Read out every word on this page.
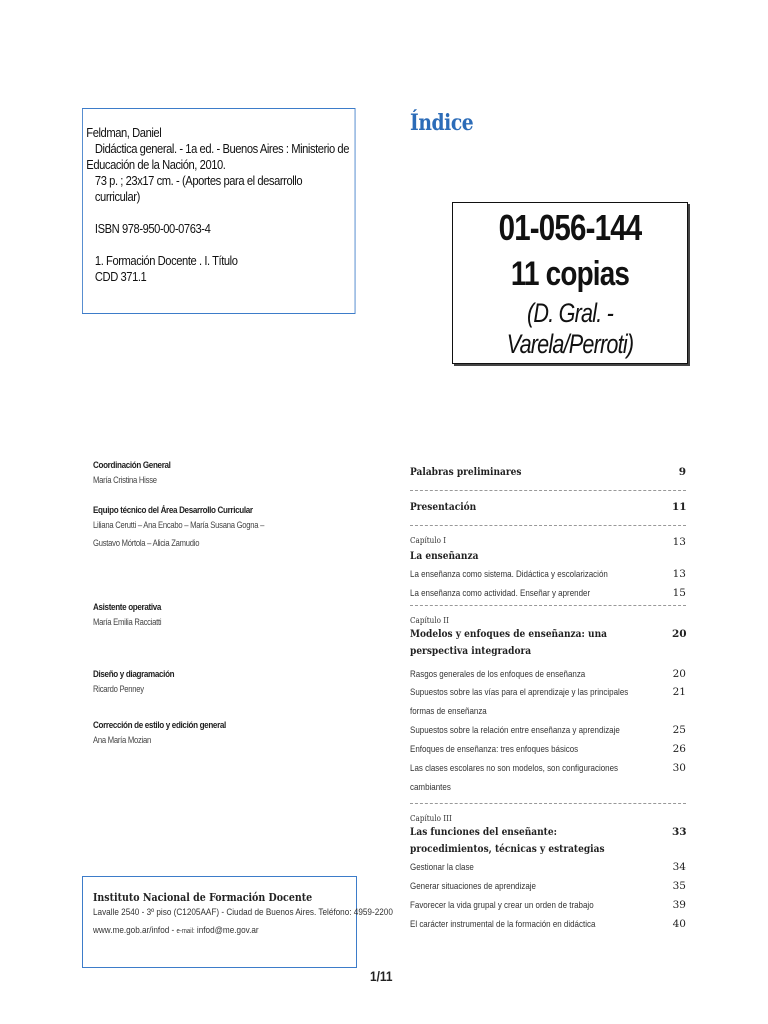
Feldman, Daniel
Didáctica general. - 1a ed. - Buenos Aires : Ministerio de
Educación de la Nación, 2010.
73 p. ; 23x17 cm. - (Aportes para el desarrollo curricular)
ISBN 978-950-00-0763-4
1. Formación Docente . I. Título
CDD 371.1
Índice
01-056-144
11 copias
(D. Gral. - Varela/Perroti)
Coordinación General
María Cristina Hisse
Equipo técnico del Área Desarrollo Curricular
Liliana Cerutti – Ana Encabo – María Susana Gogna –
Gustavo Mórtola – Alicia Zamudio
Asistente operativa
María Emilia Racciatti
Diseño y diagramación
Ricardo Penney
Corrección de estilo y edición general
Ana María Mozian
Instituto Nacional de Formación Docente
Lavalle 2540 - 3º piso (C1205AAF) - Ciudad de Buenos Aires. Teléfono: 4959-2200
www.me.gob.ar/infod - e-mail: infod@me.gov.ar
1/11
Palabras preliminares	9
Presentación	11
Capítulo I	13
La enseñanza
La enseñanza como sistema. Didáctica y escolarización	13
La enseñanza como actividad. Enseñar y aprender	15
Capítulo II
Modelos y enfoques de enseñanza: una perspectiva integradora
20
Rasgos generales de los enfoques de enseñanza	20
Supuestos sobre las vías para el aprendizaje y las principales formas de enseñanza
21
Supuestos sobre la relación entre enseñanza y aprendizaje	25
Enfoques de enseñanza: tres enfoques básicos	26
Las clases escolares no son modelos, son configuraciones cambiantes
30
Capítulo III
Las funciones del enseñante: procedimientos, técnicas y estrategias
33
Gestionar la clase	34
Generar situaciones de aprendizaje	35
Favorecer la vida grupal y crear un orden de trabajo	39
El carácter instrumental de la formación en didáctica	40
